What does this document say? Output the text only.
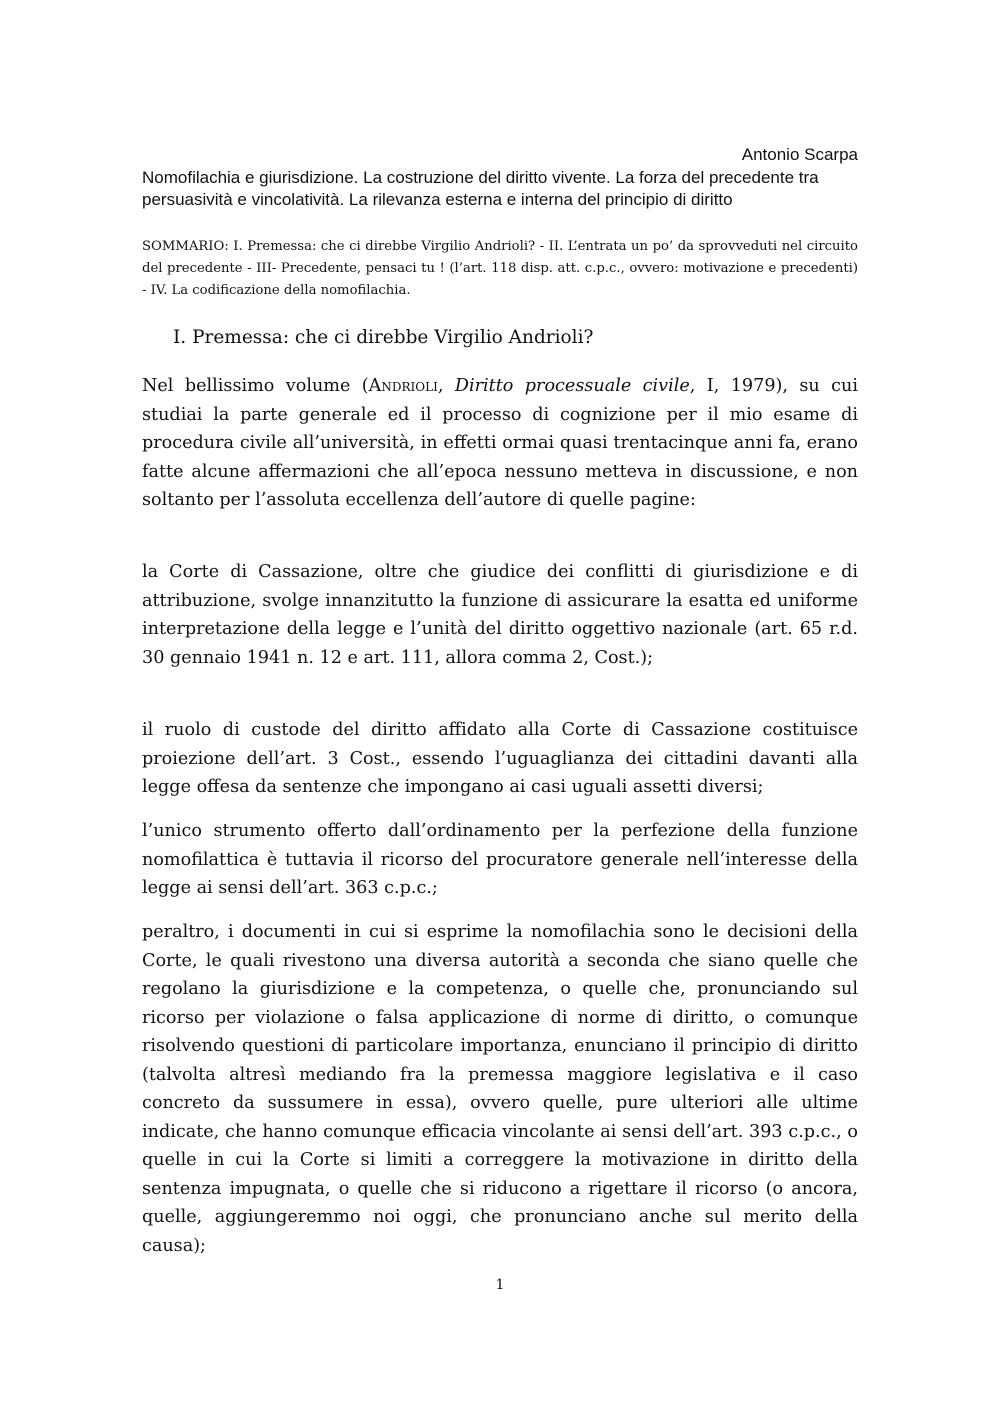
Antonio Scarpa

Nomofilachia e giurisdizione. La costruzione del diritto vivente. La forza del precedente tra persuasività e vincolatività. La rilevanza esterna e interna del principio di diritto

SOMMARIO: I. Premessa: che ci direbbe Virgilio Andrioli? - II. L’entrata un po’ da sprovveduti nel circuito del precedente - III- Precedente, pensaci tu ! (l’art. 118 disp. att. c.p.c., ovvero: motivazione e precedenti) - IV. La codificazione della nomofilachia.

I. Premessa: che ci direbbe Virgilio Andrioli?

Nel bellissimo volume (Andrioli, Diritto processuale civile, I, 1979), su cui studiai la parte generale ed il processo di cognizione per il mio esame di procedura civile all’università, in effetti ormai quasi trentacinque anni fa, erano fatte alcune affermazioni che all’epoca nessuno metteva in discussione, e non soltanto per l’assoluta eccellenza dell’autore di quelle pagine:

la Corte di Cassazione, oltre che giudice dei conflitti di giurisdizione e di attribuzione, svolge innanzitutto la funzione di assicurare la esatta ed uniforme interpretazione della legge e l’unità del diritto oggettivo nazionale (art. 65 r.d. 30 gennaio 1941 n. 12 e art. 111, allora comma 2, Cost.);

il ruolo di custode del diritto affidato alla Corte di Cassazione costituisce proiezione dell’art. 3 Cost., essendo l’uguaglianza dei cittadini davanti alla legge offesa da sentenze che impongano ai casi uguali assetti diversi;

l’unico strumento offerto dall’ordinamento per la perfezione della funzione nomofilattica è tuttavia il ricorso del procuratore generale nell’interesse della legge ai sensi dell’art. 363 c.p.c.;

peraltro, i documenti in cui si esprime la nomofilachia sono le decisioni della Corte, le quali rivestono una diversa autorità a seconda che siano quelle che regolano la giurisdizione e la competenza, o quelle che, pronunciando sul ricorso per violazione o falsa applicazione di norme di diritto, o comunque risolvendo questioni di particolare importanza, enunciano il principio di diritto (talvolta altresì mediando fra la premessa maggiore legislativa e il caso concreto da sussumere in essa), ovvero quelle, pure ulteriori alle ultime indicate, che hanno comunque efficacia vincolante ai sensi dell’art. 393 c.p.c., o quelle in cui la Corte si limiti a correggere la motivazione in diritto della sentenza impugnata, o quelle che si riducono a rigettare il ricorso (o ancora, quelle, aggiungeremmo noi oggi, che pronunciano anche sul merito della causa);

1
